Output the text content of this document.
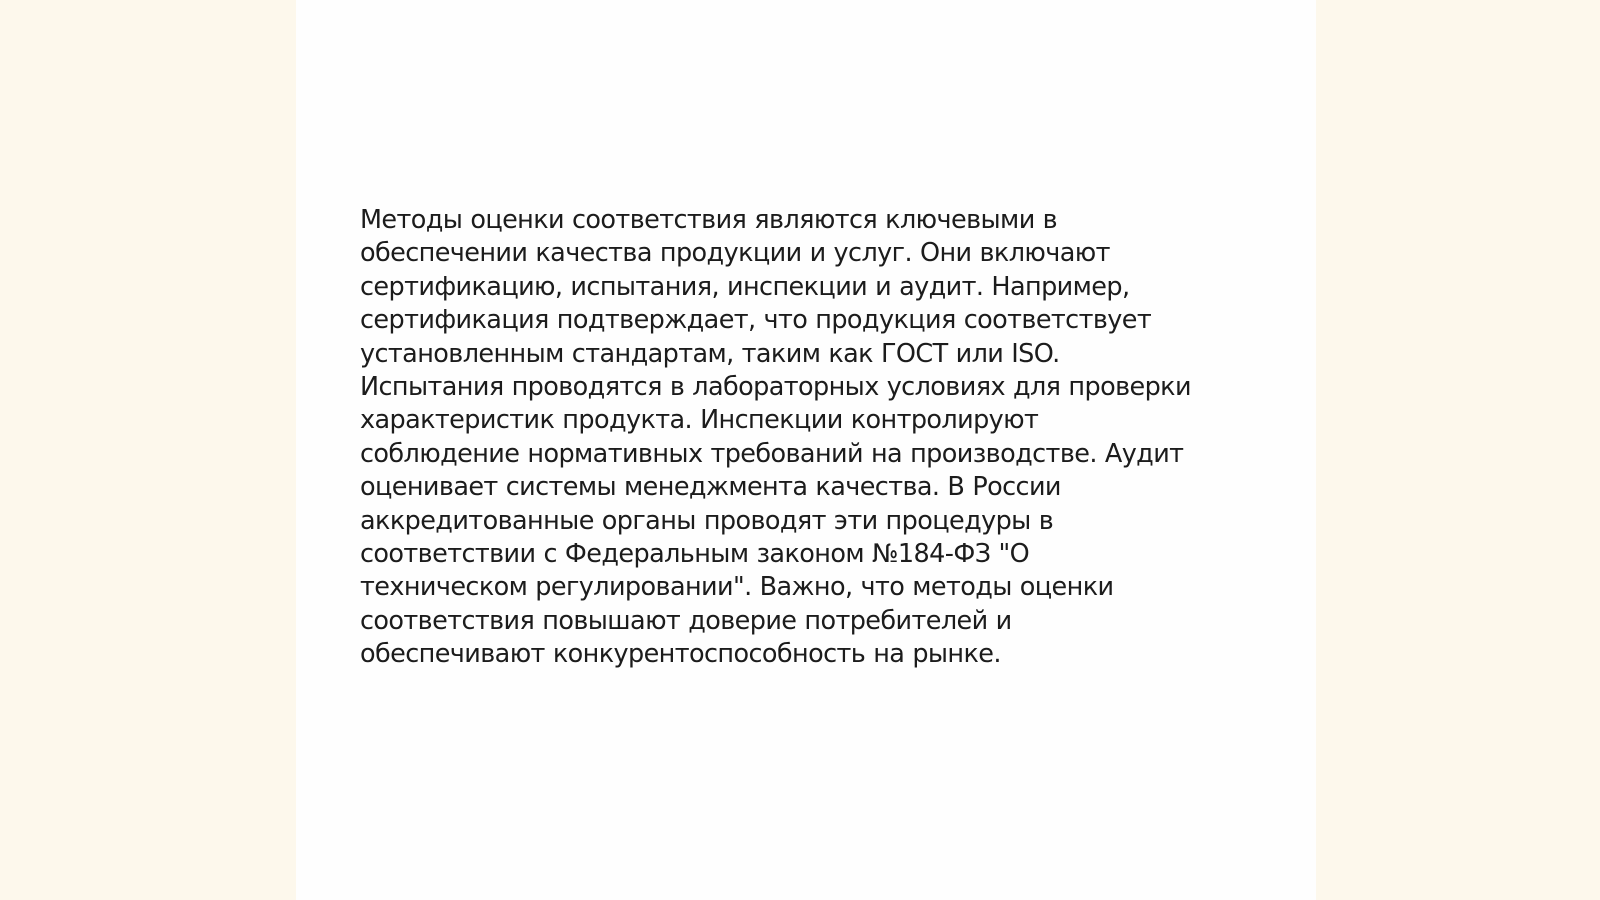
Методы оценки соответствия являются ключевыми в
обеспечении качества продукции и услуг. Они включают
сертификацию, испытания, инспекции и аудит. Например,
сертификация подтверждает, что продукция соответствует
установленным стандартам, таким как ГОСТ или ISO.
Испытания проводятся в лабораторных условиях для проверки
характеристик продукта. Инспекции контролируют
соблюдение нормативных требований на производстве. Аудит
оценивает системы менеджмента качества. В России
аккредитованные органы проводят эти процедуры в
соответствии с Федеральным законом №184-ФЗ "О
техническом регулировании". Важно, что методы оценки
соответствия повышают доверие потребителей и
обеспечивают конкурентоспособность на рынке.
